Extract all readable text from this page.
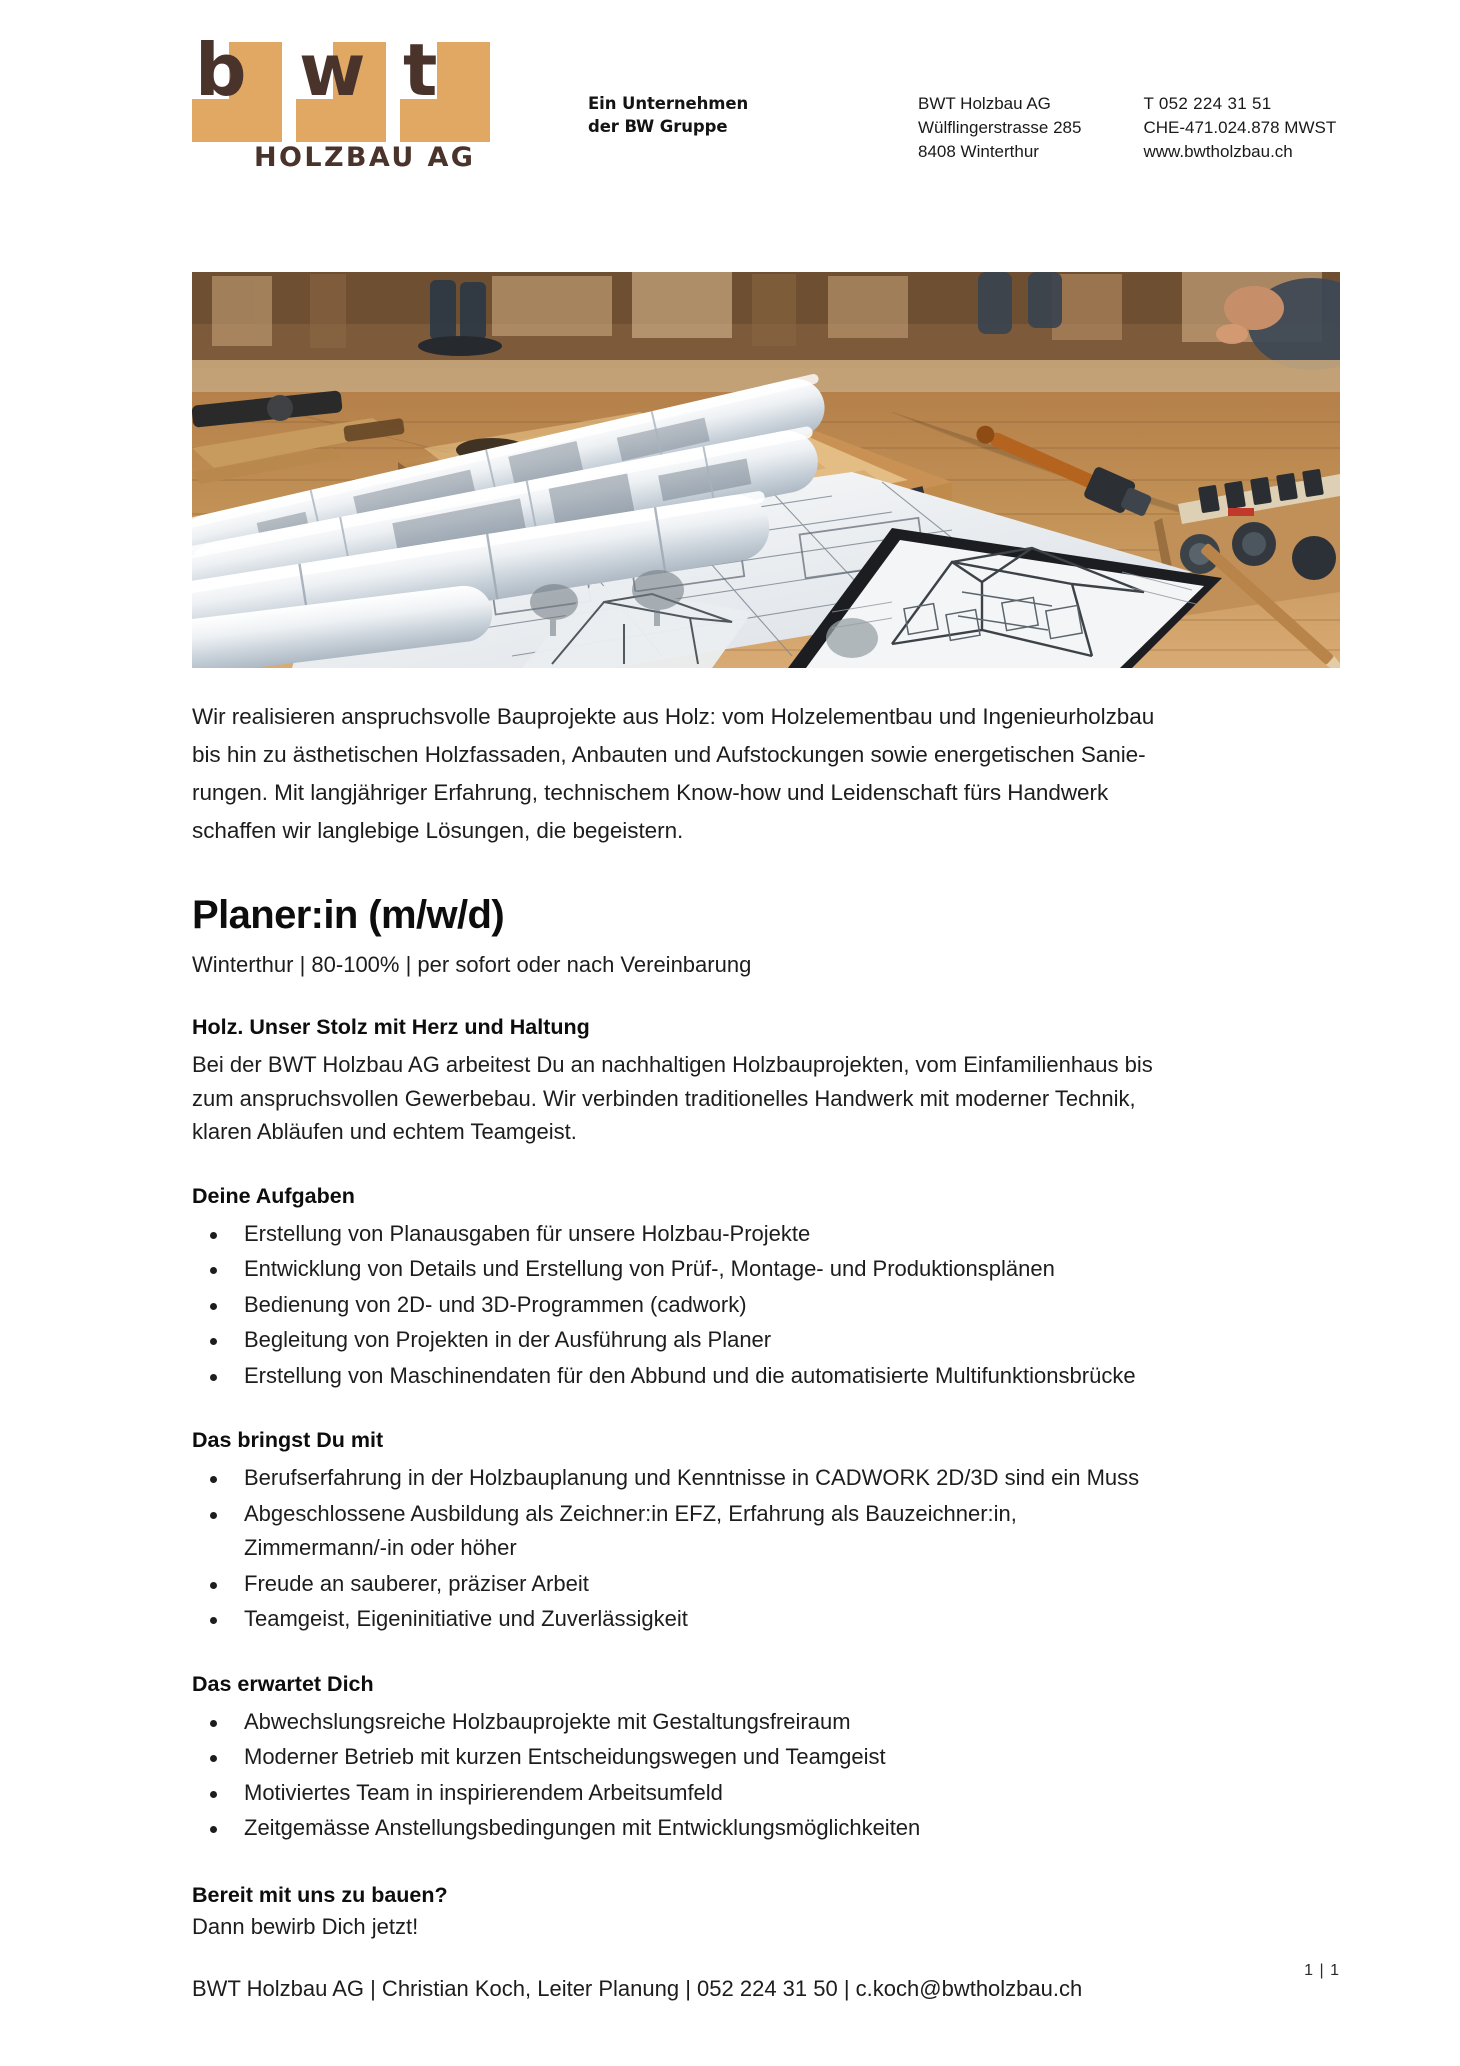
b w t
HOLZBAU AG
Ein Unternehmen
der BW Gruppe
BWT Holzbau AG
Wülflingerstrasse 285
8408 Winterthur
T 052 224 31 51
CHE-471.024.878 MWST
www.bwtholzbau.ch
Wir realisieren anspruchsvolle Bauprojekte aus Holz: vom Holzelementbau und Ingenieurholzbau
bis hin zu ästhetischen Holzfassaden, Anbauten und Aufstockungen sowie energetischen Sanie-
rungen. Mit langjähriger Erfahrung, technischem Know-how und Leidenschaft fürs Handwerk
schaffen wir langlebige Lösungen, die begeistern.
Planer:in (m/w/d)
Winterthur | 80-100% | per sofort oder nach Vereinbarung
Holz. Unser Stolz mit Herz und Haltung
Bei der BWT Holzbau AG arbeitest Du an nachhaltigen Holzbauprojekten, vom Einfamilienhaus bis
zum anspruchsvollen Gewerbebau. Wir verbinden traditionelles Handwerk mit moderner Technik,
klaren Abläufen und echtem Teamgeist.
Deine Aufgaben
Erstellung von Planausgaben für unsere Holzbau-Projekte
Entwicklung von Details und Erstellung von Prüf-, Montage- und Produktionsplänen
Bedienung von 2D- und 3D-Programmen (cadwork)
Begleitung von Projekten in der Ausführung als Planer
Erstellung von Maschinendaten für den Abbund und die automatisierte Multifunktionsbrücke
Das bringst Du mit
Berufserfahrung in der Holzbauplanung und Kenntnisse in CADWORK 2D/3D sind ein Muss
Abgeschlossene Ausbildung als Zeichner:in EFZ, Erfahrung als Bauzeichner:in,
Zimmermann/-in oder höher
Freude an sauberer, präziser Arbeit
Teamgeist, Eigeninitiative und Zuverlässigkeit
Das erwartet Dich
Abwechslungsreiche Holzbauprojekte mit Gestaltungsfreiraum
Moderner Betrieb mit kurzen Entscheidungswegen und Teamgeist
Motiviertes Team in inspirierendem Arbeitsumfeld
Zeitgemässe Anstellungsbedingungen mit Entwicklungsmöglichkeiten
Bereit mit uns zu bauen?
Dann bewirb Dich jetzt!
BWT Holzbau AG | Christian Koch, Leiter Planung | 052 224 31 50 | c.koch@bwtholzbau.ch
1 | 1
